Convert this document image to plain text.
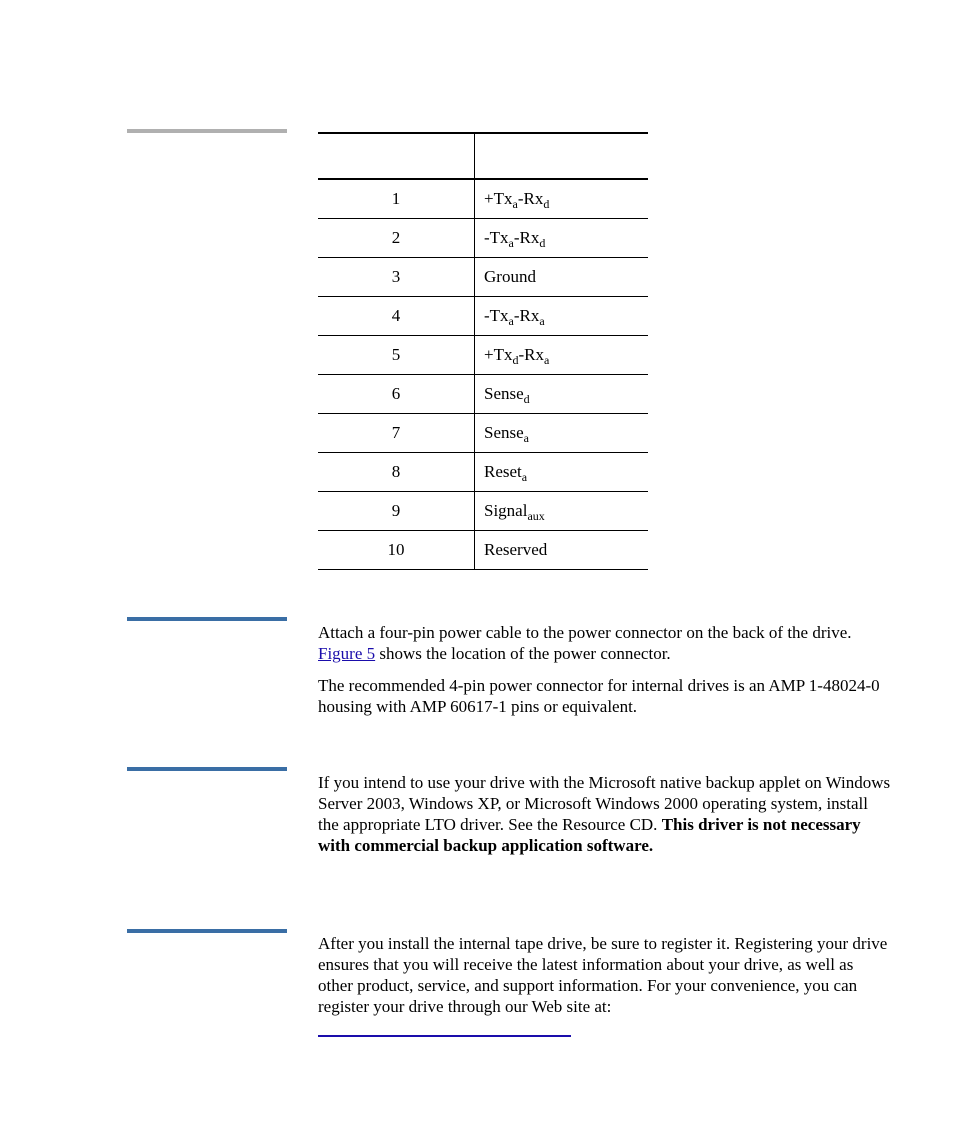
1	$+Tx_a-Rx_d$
2	$-Tx_a-Rx_d$
3	Ground
4	$-Tx_a-Rx_a$
5	$+Tx_d-Rx_a$
6	Sense$_d$
7	Sense$_a$
8	Reset$_a$
9	Signal$_{aux}$
10	Reserved

Attach a four-pin power cable to the power connector on the back of the drive. Figure 5 shows the location of the power connector.

The recommended 4-pin power connector for internal drives is an AMP 1-48024-0 housing with AMP 60617-1 pins or equivalent.

If you intend to use your drive with the Microsoft native backup applet on Windows Server 2003, Windows XP, or Microsoft Windows 2000 operating system, install the appropriate LTO driver. See the Resource CD. This driver is not necessary with commercial backup application software.

After you install the internal tape drive, be sure to register it. Registering your drive ensures that you will receive the latest information about your drive, as well as other product, service, and support information. For your convenience, you can register your drive through our Web site at:
